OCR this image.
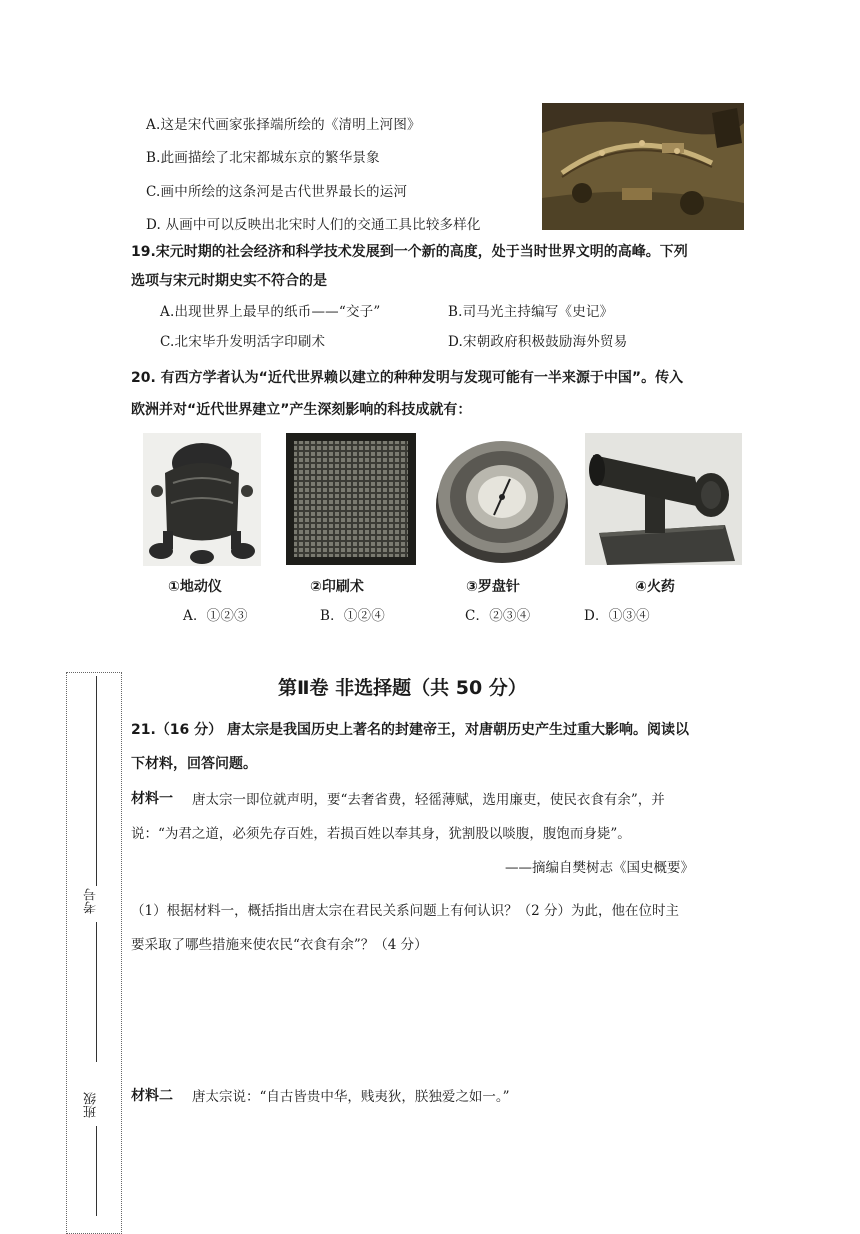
A.这是宋代画家张择端所绘的《清明上河图》
B.此画描绘了北宋都城东京的繁华景象
C.画中所绘的这条河是古代世界最长的运河
D. 从画中可以反映出北宋时人们的交通工具比较多样化
19.宋元时期的社会经济和科学技术发展到一个新的高度，处于当时世界文明的高峰。下列
选项与宋元时期史实不符合的是
A.出现世界上最早的纸币——“交子”	B.司马光主持编写《史记》
C.北宋毕升发明活字印刷术	D.宋朝政府积极鼓励海外贸易
20. 有西方学者认为“近代世界赖以建立的种种发明与发现可能有一半来源于中国”。传入
欧洲并对“近代世界建立”产生深刻影响的科技成就有：
①地动仪	②印刷术	③罗盘针	④火药
A．①②③	B．①②④	C．②③④	D．①③④
第Ⅱ卷 非选择题（共 50 分）
21.（16 分） 唐太宗是我国历史上著名的封建帝王，对唐朝历史产生过重大影响。阅读以
下材料，回答问题。
材料一 唐太宗一即位就声明，要“去奢省费，轻徭薄赋，选用廉吏，使民衣食有余”，并
说：“为君之道，必须先存百姓，若损百姓以奉其身，犹割股以啖腹，腹饱而身毙”。
——摘编自樊树志《国史概要》
（1）根据材料一，概括指出唐太宗在君民关系问题上有何认识？（2 分）为此，他在位时主
要采取了哪些措施来使农民“衣食有余”？（4 分）
材料二 唐太宗说：“自古皆贵中华，贱夷狄，朕独爱之如一。”
考号
班级
